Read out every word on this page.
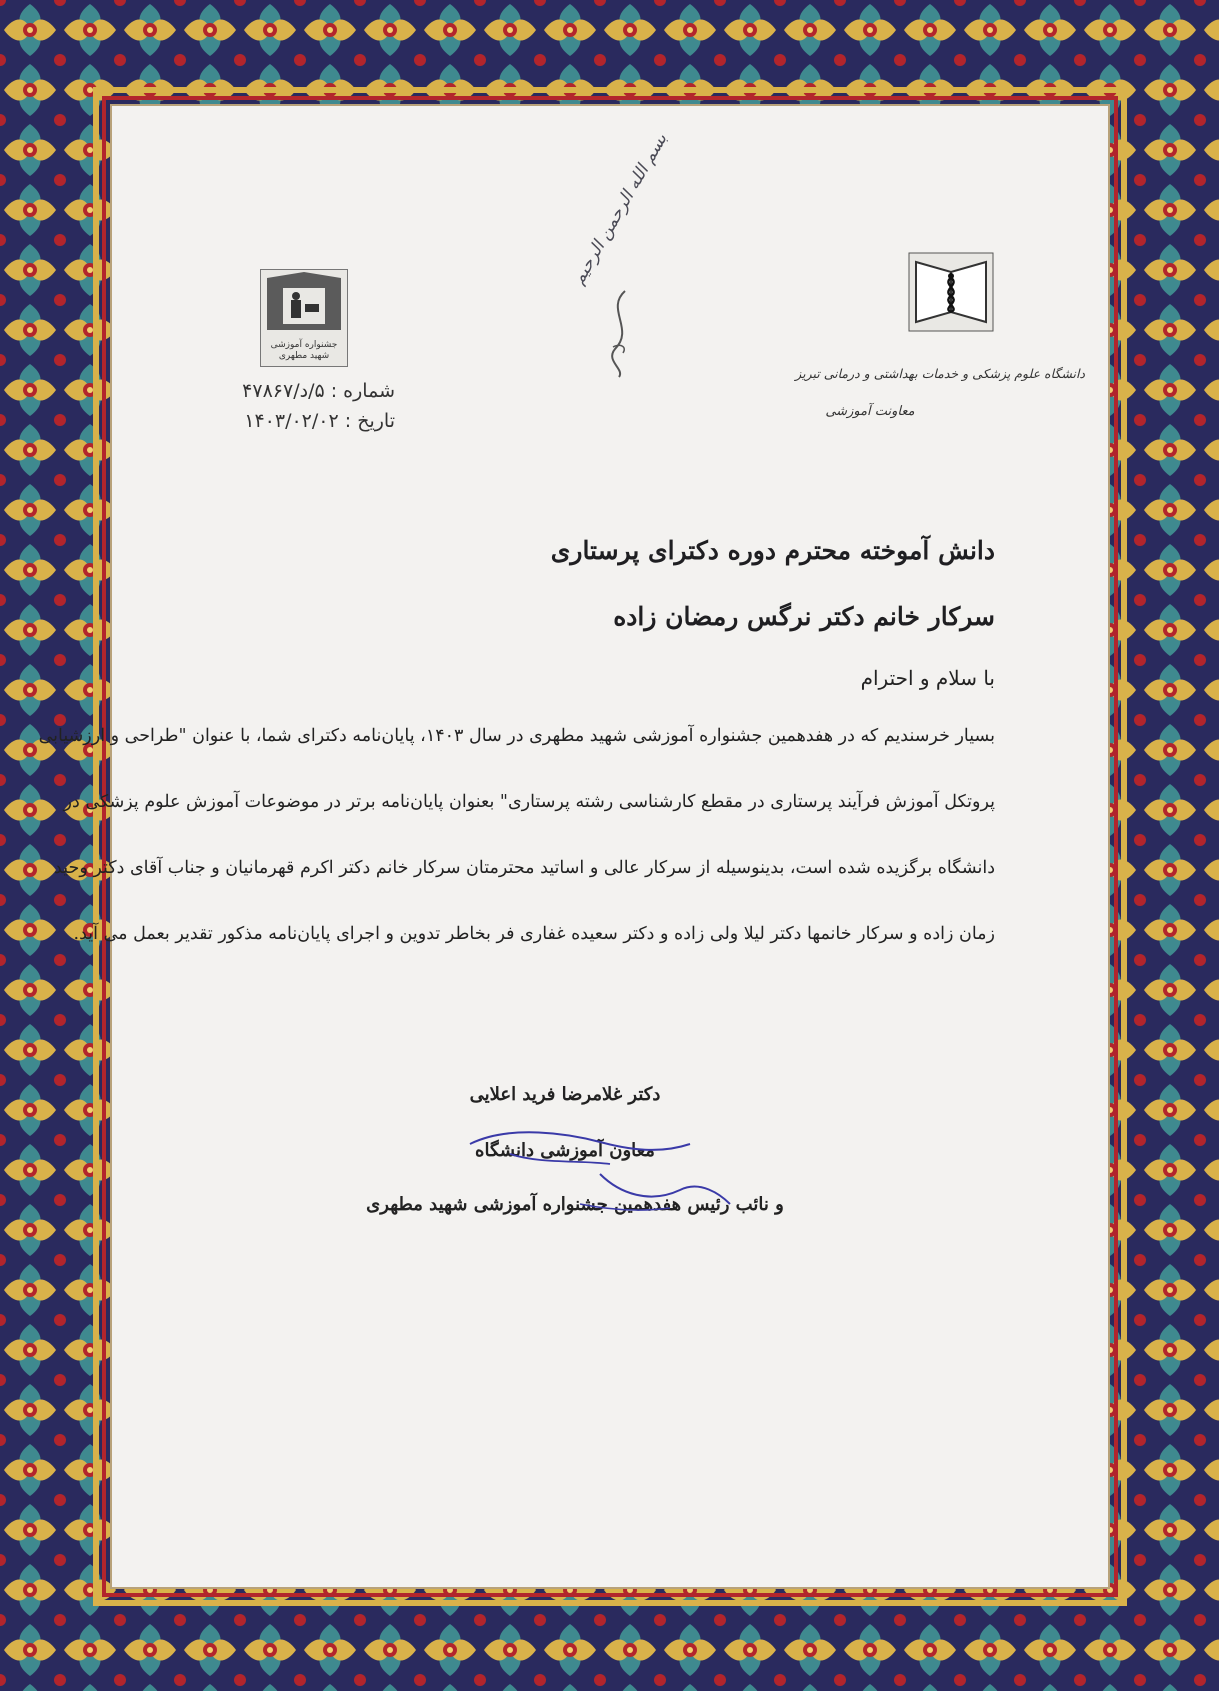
بسم الله الرحمن الرحیم
دانشگاه علوم پزشکی و خدمات بهداشتی و درمانی تبریز
معاونت آموزشی
جشنواره آموزشی
شهید مطهری
شماره : ۵/د/۴۷۸۶۷
تاریخ : ۱۴۰۳/۰۲/۰۲
دانش آموخته محترم دوره دکترای پرستاری
سرکار خانم دکتر نرگس رمضان زاده
با سلام و احترام
بسیار خرسندیم که در هفدهمین جشنواره آموزشی شهید مطهری در سال ۱۴۰۳، پایان‌نامه دکترای شما، با عنوان "طراحی و ارزشیابی
پروتکل آموزش فرآیند پرستاری در مقطع کارشناسی رشته پرستاری" بعنوان پایان‌نامه برتر در موضوعات آموزش علوم پزشکی در
دانشگاه برگزیده شده است، بدینوسیله از سرکار عالی و اساتید محترمتان سرکار خانم دکتر اکرم قهرمانیان و جناب آقای دکتر وحید
زمان زاده و سرکار خانمها دکتر لیلا ولی زاده و دکتر سعیده غفاری فر بخاطر تدوین و اجرای پایان‌نامه مذکور تقدیر بعمل می آید.
دکتر غلامرضا فرید اعلایی
معاون آموزشی دانشگاه
و نائب رئیس هفدهمین جشنواره آموزشی شهید مطهری
